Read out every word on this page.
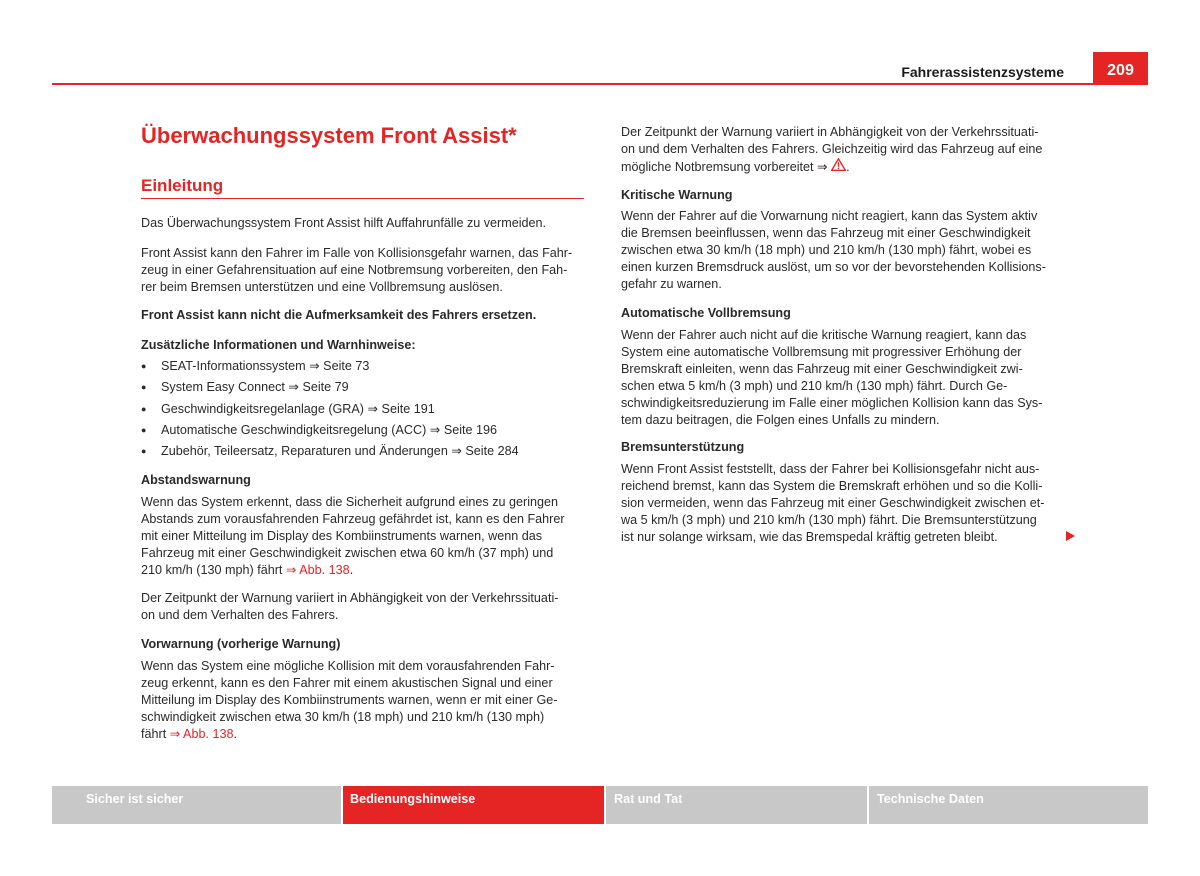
Fahrerassistenzsysteme	209
Überwachungssystem Front Assist*
Einleitung
Das Überwachungssystem Front Assist hilft Auffahrunfälle zu vermeiden.
Front Assist kann den Fahrer im Falle von Kollisionsgefahr warnen, das Fahr-
zeug in einer Gefahrensituation auf eine Notbremsung vorbereiten, den Fah-
rer beim Bremsen unterstützen und eine Vollbremsung auslösen.
Front Assist kann nicht die Aufmerksamkeit des Fahrers ersetzen.
Zusätzliche Informationen und Warnhinweise:
● SEAT-Informationssystem ⇒ Seite 73
● System Easy Connect ⇒ Seite 79
● Geschwindigkeitsregelanlage (GRA) ⇒ Seite 191
● Automatische Geschwindigkeitsregelung (ACC) ⇒ Seite 196
● Zubehör, Teileersatz, Reparaturen und Änderungen ⇒ Seite 284
Abstandswarnung
Wenn das System erkennt, dass die Sicherheit aufgrund eines zu geringen
Abstands zum vorausfahrenden Fahrzeug gefährdet ist, kann es den Fahrer
mit einer Mitteilung im Display des Kombiinstruments warnen, wenn das
Fahrzeug mit einer Geschwindigkeit zwischen etwa 60 km/h (37 mph) und
210 km/h (130 mph) fährt ⇒ Abb. 138.
Der Zeitpunkt der Warnung variiert in Abhängigkeit von der Verkehrssituati-
on und dem Verhalten des Fahrers.
Vorwarnung (vorherige Warnung)
Wenn das System eine mögliche Kollision mit dem vorausfahrenden Fahr-
zeug erkennt, kann es den Fahrer mit einem akustischen Signal und einer
Mitteilung im Display des Kombiinstruments warnen, wenn er mit einer Ge-
schwindigkeit zwischen etwa 30 km/h (18 mph) und 210 km/h (130 mph)
fährt ⇒ Abb. 138.
Der Zeitpunkt der Warnung variiert in Abhängigkeit von der Verkehrssituati-
on und dem Verhalten des Fahrers. Gleichzeitig wird das Fahrzeug auf eine
mögliche Notbremsung vorbereitet ⇒ .
Kritische Warnung
Wenn der Fahrer auf die Vorwarnung nicht reagiert, kann das System aktiv
die Bremsen beeinflussen, wenn das Fahrzeug mit einer Geschwindigkeit
zwischen etwa 30 km/h (18 mph) und 210 km/h (130 mph) fährt, wobei es
einen kurzen Bremsdruck auslöst, um so vor der bevorstehenden Kollisions-
gefahr zu warnen.
Automatische Vollbremsung
Wenn der Fahrer auch nicht auf die kritische Warnung reagiert, kann das
System eine automatische Vollbremsung mit progressiver Erhöhung der
Bremskraft einleiten, wenn das Fahrzeug mit einer Geschwindigkeit zwi-
schen etwa 5 km/h (3 mph) und 210 km/h (130 mph) fährt. Durch Ge-
schwindigkeitsreduzierung im Falle einer möglichen Kollision kann das Sys-
tem dazu beitragen, die Folgen eines Unfalls zu mindern.
Bremsunterstützung
Wenn Front Assist feststellt, dass der Fahrer bei Kollisionsgefahr nicht aus-
reichend bremst, kann das System die Bremskraft erhöhen und so die Kolli-
sion vermeiden, wenn das Fahrzeug mit einer Geschwindigkeit zwischen et-
wa 5 km/h (3 mph) und 210 km/h (130 mph) fährt. Die Bremsunterstützung
ist nur solange wirksam, wie das Bremspedal kräftig getreten bleibt.
Sicher ist sicher	Bedienungshinweise	Rat und Tat	Technische Daten
